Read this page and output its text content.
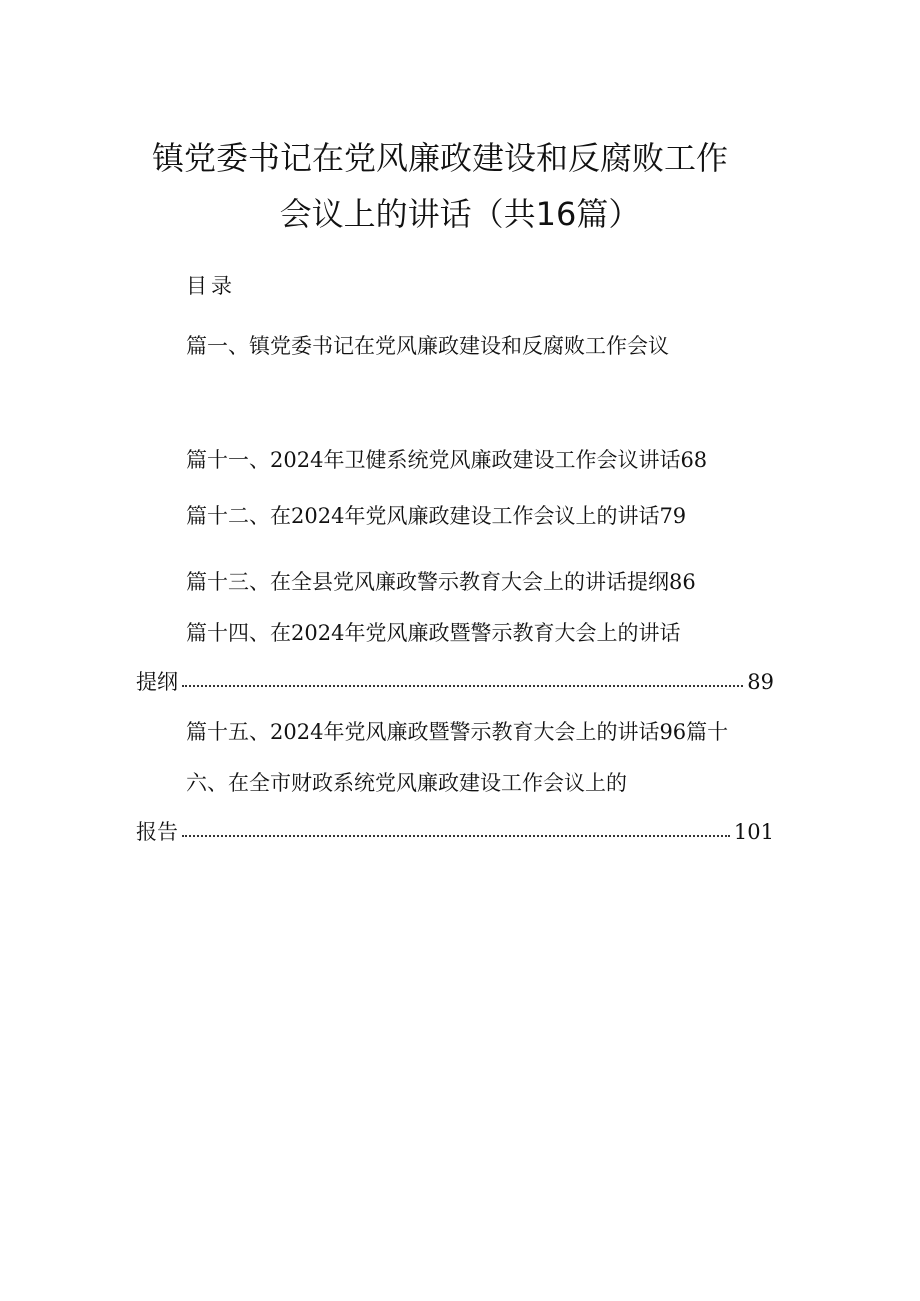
镇党委书记在党风廉政建设和反腐败工作
会议上的讲话（共16篇）
目录
篇一、镇党委书记在党风廉政建设和反腐败工作会议
篇十一、2024年卫健系统党风廉政建设工作会议讲话68
篇十二、在2024年党风廉政建设工作会议上的讲话79
篇十三、在全县党风廉政警示教育大会上的讲话提纲86
篇十四、在2024年党风廉政暨警示教育大会上的讲话
提纲	89
篇十五、2024年党风廉政暨警示教育大会上的讲话96篇十
六、在全市财政系统党风廉政建设工作会议上的
报告	101
